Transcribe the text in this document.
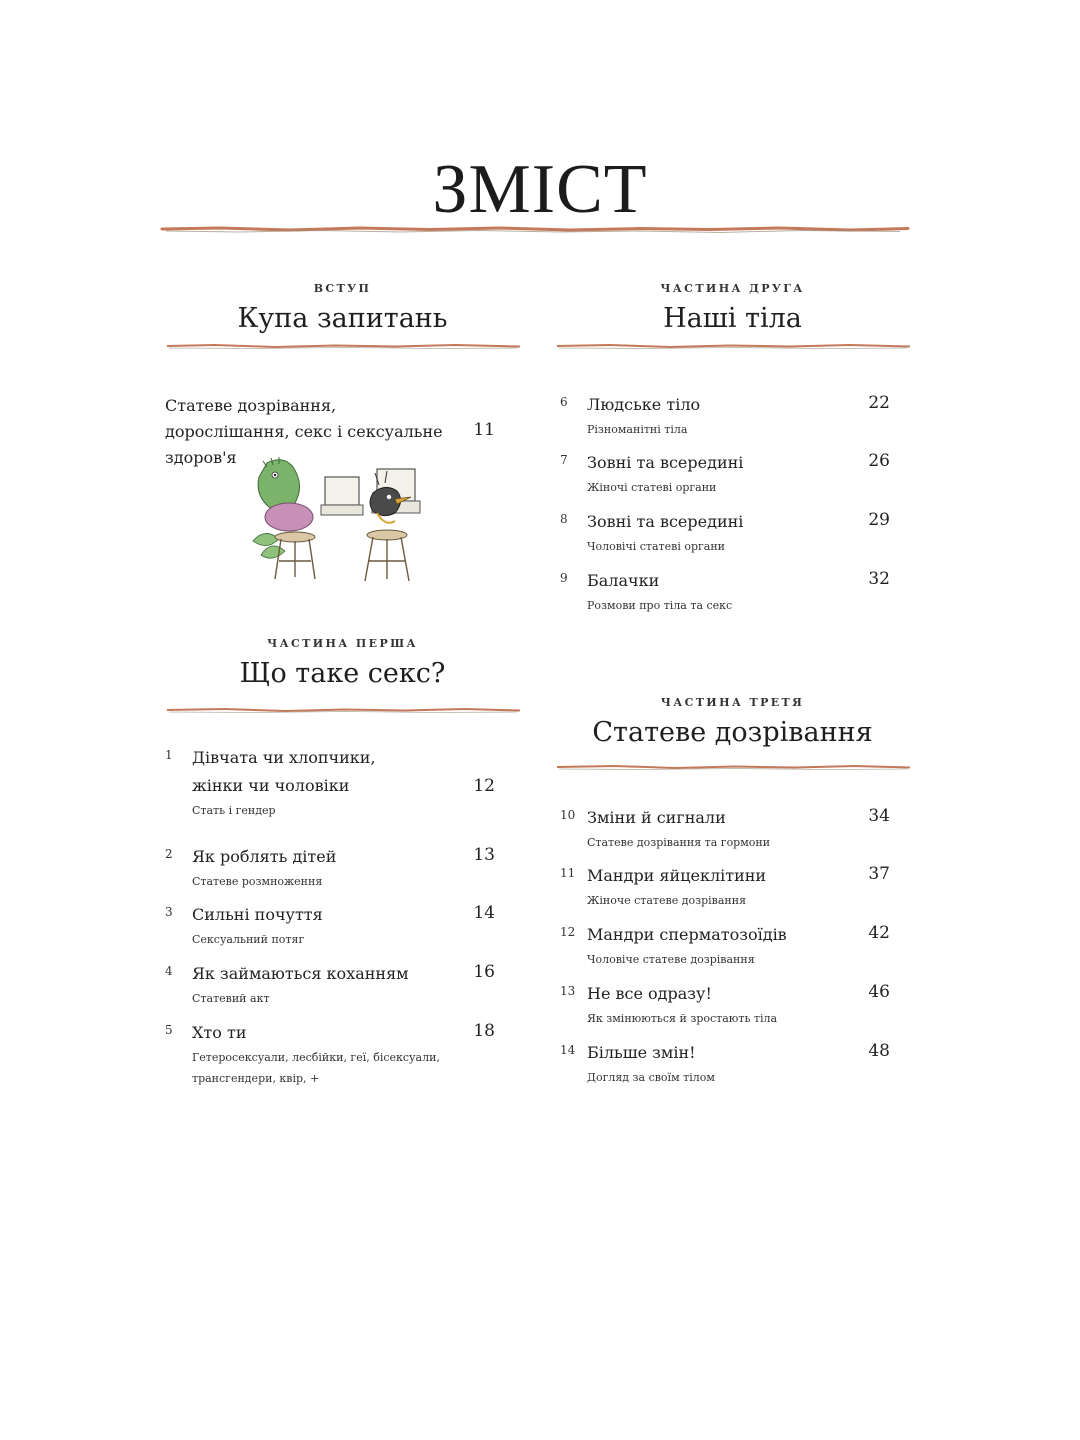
ЗМІСТ
ВСТУП
Купа запитань
Статеве дозрівання, дорослішання, секс і сексуальне здоров'я
11
ЧАСТИНА ПЕРША
Що таке секс?
1 Дівчата чи хлопчики,
жінки чи чоловіки
Стать і гендер
12
2 Як роблять дітей
Статеве розмноження
13
3 Сильні почуття
Сексуальний потяг
14
4 Як займаються коханням
Статевий акт
16
5 Хто ти
Гетеросексуали, лесбійки, геї, бісексуали,
трансгендери, квір, +
18
ЧАСТИНА ДРУГА
Наші тіла
6 Людське тіло
Різноманітні тіла
22
7 Зовні та всередині
Жіночі статеві органи
26
8 Зовні та всередині
Чоловічі статеві органи
29
9 Балачки
Розмови про тіла та секс
32
ЧАСТИНА ТРЕТЯ
Статеве дозрівання
10 Зміни й сигнали
Статеве дозрівання та гормони
34
11 Мандри яйцеклітини
Жіноче статеве дозрівання
37
12 Мандри сперматозоїдів
Чоловіче статеве дозрівання
42
13 Не все одразу!
Як змінюються й зростають тіла
46
14 Більше змін!
Догляд за своїм тілом
48
